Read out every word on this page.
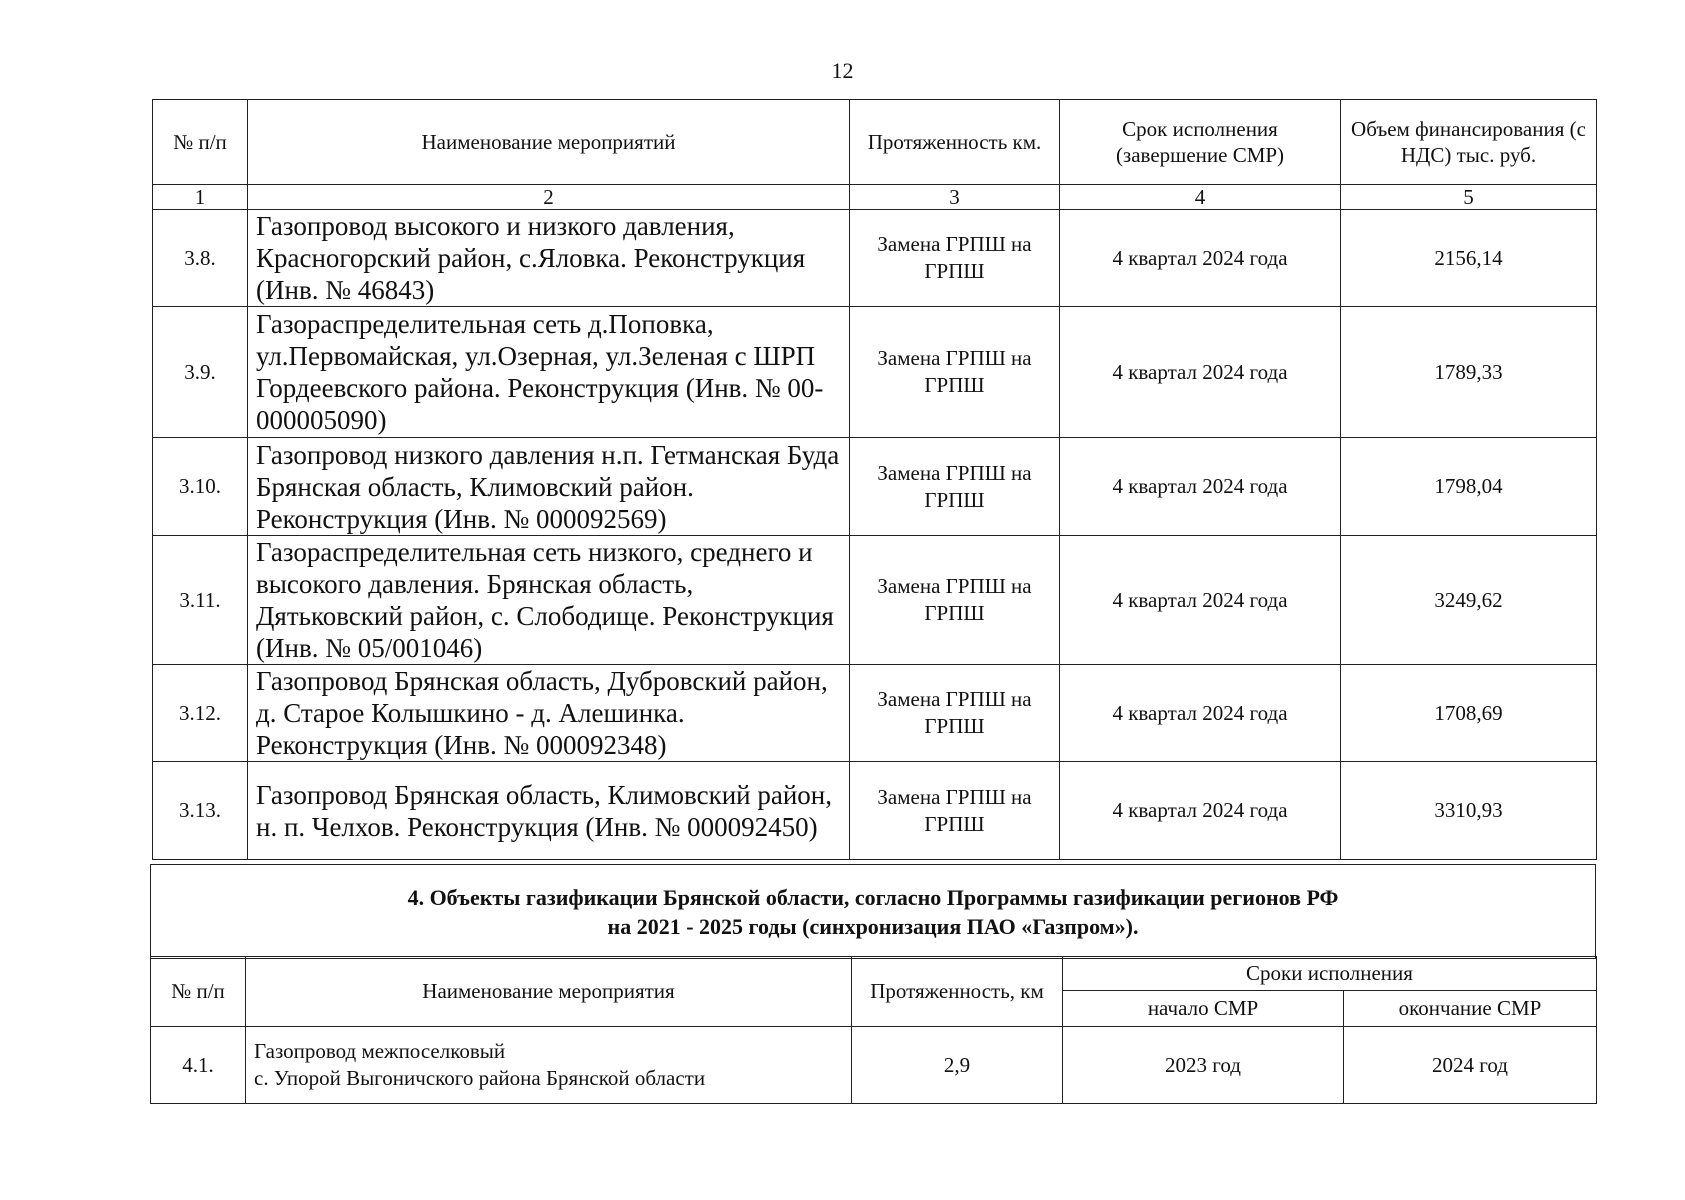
12
№ п/п	Наименование мероприятий	Протяженность км.	Срок исполнения (завершение СМР)	Объем финансирования (с НДС) тыс. руб.
1	2	3	4	5
3.8.	Газопровод высокого и низкого давления, Красногорский район, с.Яловка. Реконструкция (Инв. № 46843)	Замена ГРПШ на ГРПШ	4 квартал 2024 года	2156,14
3.9.	Газораспределительная сеть д.Поповка, ул.Первомайская, ул.Озерная, ул.Зеленая с ШРП Гордеевского района. Реконструкция (Инв. № 00-000005090)	Замена ГРПШ на ГРПШ	4 квартал 2024 года	1789,33
3.10.	Газопровод низкого давления н.п. Гетманская Буда Брянская область, Климовский район. Реконструкция (Инв. № 000092569)	Замена ГРПШ на ГРПШ	4 квартал 2024 года	1798,04
3.11.	Газораспределительная сеть низкого, среднего и высокого давления. Брянская область, Дятьковский район, с. Слободище. Реконструкция (Инв. № 05/001046)	Замена ГРПШ на ГРПШ	4 квартал 2024 года	3249,62
3.12.	Газопровод Брянская область, Дубровский район, д. Старое Колышкино - д. Алешинка. Реконструкция (Инв. № 000092348)	Замена ГРПШ на ГРПШ	4 квартал 2024 года	1708,69
3.13.	Газопровод Брянская область, Климовский район, н. п. Челхов. Реконструкция (Инв. № 000092450)	Замена ГРПШ на ГРПШ	4 квартал 2024 года	3310,93
4. Объекты газификации Брянской области, согласно Программы газификации регионов РФ
на 2021 - 2025 годы (синхронизация ПАО «Газпром»).
№ п/п	Наименование мероприятия	Протяженность, км	Сроки исполнения	
			начало СМР	окончание СМР
4.1.	Газопровод межпоселковый
с. Упорой Выгоничского района Брянской области	2,9	2023 год	2024 год
